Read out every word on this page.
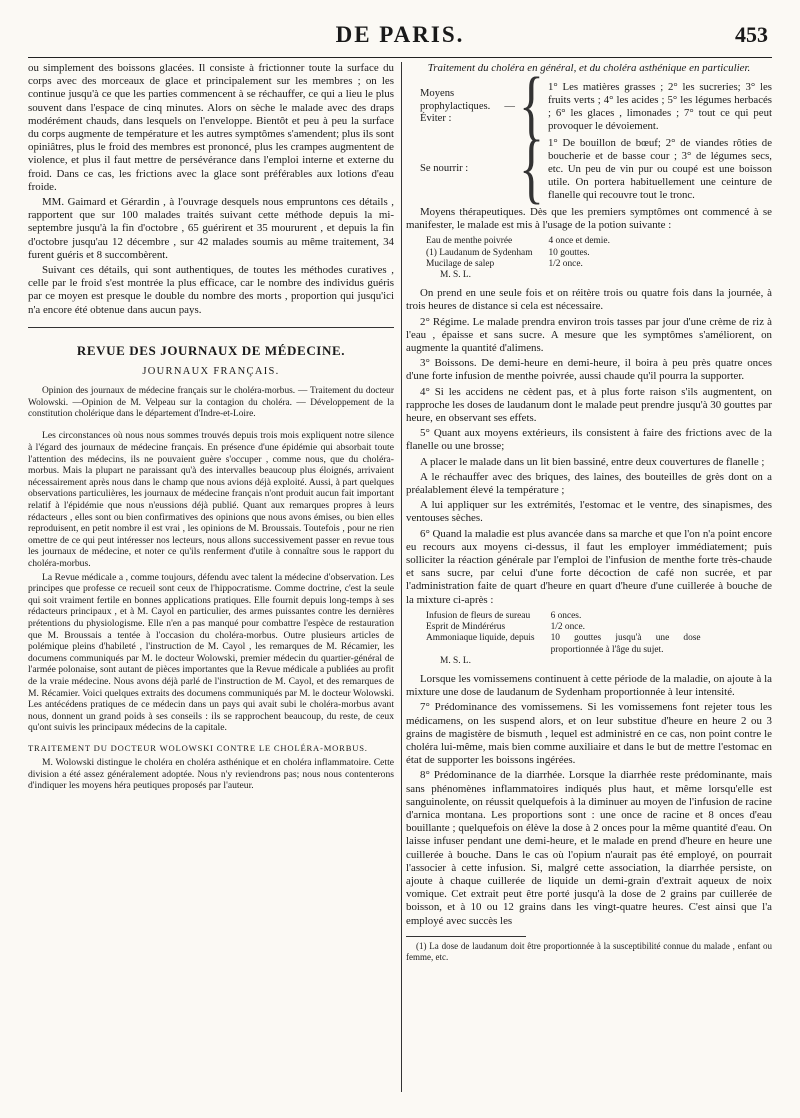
DE PARIS.	453

ou simplement des boissons glacées. Il consiste à frictionner toute la surface du corps avec des morceaux de glace et principalement sur les membres ; on les continue jusqu'à ce que les parties commencent à se réchauffer, ce qui a lieu le plus souvent dans l'espace de cinq minutes. Alors on sèche le malade avec des draps modérément chauds, dans lesquels on l'enveloppe. Bientôt et peu à peu la surface du corps augmente de température et les autres symptômes s'amendent; plus ils sont opiniâtres, plus le froid des membres est prononcé, plus les crampes augmentent de violence, et plus il faut mettre de persévérance dans l'emploi interne et externe du froid. Dans ce cas, les frictions avec la glace sont préférables aux lotions d'eau froide.

MM. Gaimard et Gérardin , à l'ouvrage desquels nous empruntons ces détails , rapportent que sur 100 malades traités suivant cette méthode depuis la mi-septembre jusqu'à la fin d'octobre , 65 guérirent et 35 moururent , et depuis la fin d'octobre jusqu'au 12 décembre , sur 42 malades soumis au même traitement, 34 furent guéris et 8 succombèrent.

Suivant ces détails, qui sont authentiques, de toutes les méthodes curatives , celle par le froid s'est montrée la plus efficace, car le nombre des individus guéris par ce moyen est presque le double du nombre des morts , proportion qui jusqu'ici n'a encore été obtenue dans aucun pays.

REVUE DES JOURNAUX DE MÉDECINE.
JOURNAUX FRANÇAIS.

Opinion des journaux de médecine français sur le choléra-morbus. — Traitement du docteur Wolowski. —Opinion de M. Velpeau sur la contagion du choléra. — Développement de la constitution cholérique dans le département d'Indre-et-Loire.

Les circonstances où nous nous sommes trouvés depuis trois mois expliquent notre silence à l'égard des journaux de médecine français. En présence d'une épidémie qui absorbait toute l'attention des médecins, ils ne pouvaient guère s'occuper , comme nous, que du choléra-morbus. Mais la plupart ne paraissant qu'à des intervalles beaucoup plus éloignés, arrivaient nécessairement après nous dans le champ que nous avions déjà exploité. Aussi, à part quelques observations particulières, les journaux de médecine français n'ont produit aucun fait important relatif à l'épidémie que nous n'eussions déjà publié. Quant aux remarques propres à leurs rédacteurs , elles sont ou bien confirmatives des opinions que nous avons émises, ou bien elles reproduisent, en petit nombre il est vrai , les opinions de M. Broussais. Toutefois , pour ne rien omettre de ce qui peut intéresser nos lecteurs, nous allons successivement passer en revue tous les journaux de médecine, et noter ce qu'ils renferment d'utile à connaître sous le rapport du choléra-morbus.

La Revue médicale a , comme toujours, défendu avec talent la médecine d'observation. Les principes que professe ce recueil sont ceux de l'hippocratisme. Comme doctrine, c'est la seule qui soit vraiment fertile en bonnes applications pratiques. Elle fournit depuis long-temps à ses rédacteurs principaux , et à M. Cayol en particulier, des armes puissantes contre les dernières prétentions du physiologisme. Elle n'en a pas manqué pour combattre l'espèce de restauration que M. Broussais a tentée à l'occasion du choléra-morbus. Outre plusieurs articles de polémique pleins d'habileté , l'instruction de M. Cayol , les remarques de M. Récamier, les documens communiqués par M. le docteur Wolowski, premier médecin du quartier-général de l'armée polonaise, sont autant de pièces importantes que la Revue médicale a publiées au profit de la vraie médecine. Nous avons déjà parlé de l'instruction de M. Cayol, et des remarques de M. Récamier. Voici quelques extraits des documens communiqués par M. le docteur Wolowski. Les antécédens pratiques de ce médecin dans un pays qui avait subi le choléra-morbus avant nous, donnent un grand poids à ses conseils : ils se rapprochent beaucoup, du reste, de ceux qu'ont suivis les principaux médecins de la capitale.

TRAITEMENT DU DOCTEUR WOLOWSKI CONTRE LE CHOLÉRA-MORBUS.

M. Wolowski distingue le choléra en choléra asthénique et en choléra inflammatoire. Cette division a été assez généralement adoptée. Nous n'y reviendrons pas; nous nous contenterons d'indiquer les moyens héra peutiques proposés par l'auteur.

Traitement du choléra en général, et du choléra asthénique en particulier.
Moyens prophylactiques. —Éviter :	{ 1° Les matières grasses ; 2° les sucreries; 3° les fruits verts ; 4° les acides ; 5° les légumes herbacés ; 6° les glaces , limonades ; 7° tout ce qui peut provoquer le dévoiement.
Se nourrir : { 1° De bouillon de bœuf; 2° de viandes rôties de boucherie et de basse cour ; 3° de légumes secs, etc. Un peu de vin pur ou coupé est une boisson utile. On portera habituellement une ceinture de flanelle qui recouvre tout le tronc.

Moyens thérapeutiques. Dès que les premiers symptômes ont commencé à se manifester, le malade est mis à l'usage de la potion suivante :

Eau de menthe poivrée	4 once et demie.
(1) Laudanum de Sydenham	10 gouttes.
Mucilage de salep	1/2 once.
M. S. L.	

On prend en une seule fois et on réitère trois ou quatre fois dans la journée, à trois heures de distance si cela est nécessaire.

2° Régime. Le malade prendra environ trois tasses par jour d'une crème de riz à l'eau , épaisse et sans sucre. A mesure que les symptômes s'améliorent, on augmente la quantité d'alimens.

3° Boissons. De demi-heure en demi-heure, il boira à peu près quatre onces d'une forte infusion de menthe poivrée, aussi chaude qu'il pourra la supporter.

4° Si les accidens ne cèdent pas, et à plus forte raison s'ils augmentent, on rapproche les doses de laudanum dont le malade peut prendre jusqu'à 30 gouttes par heure, en observant ses effets.

5° Quant aux moyens extérieurs, ils consistent à faire des frictions avec de la flanelle ou une brosse;

A placer le malade dans un lit bien bassiné, entre deux couvertures de flanelle ;

A le réchauffer avec des briques, des laines, des bouteilles de grès dont on a préalablement élevé la température ;

A lui appliquer sur les extrémités, l'estomac et le ventre, des sinapismes, des ventouses sèches.

6° Quand la maladie est plus avancée dans sa marche et que l'on n'a point encore eu recours aux moyens ci-dessus, il faut les employer immédiatement; puis solliciter la réaction générale par l'emploi de l'infusion de menthe forte très-chaude et sans sucre, par celui d'une forte décoction de café non sucrée, et par l'administration faite de quart d'heure en quart d'heure d'une cuillerée à bouche de la mixture ci-après :

Infusion de fleurs de sureau	6 onces.
Esprit de Mindérérus	1/2 once.
Ammoniaque liquide, depuis	10 gouttes jusqu'à une dose proportionnée à l'âge du sujet.
M. S. L.	

Lorsque les vomissemens continuent à cette période de la maladie, on ajoute à la mixture une dose de laudanum de Sydenham proportionnée à leur intensité.

7° Prédominance des vomissemens. Si les vomissemens font rejeter tous les médicamens, on les suspend alors, et on leur substitue d'heure en heure 2 ou 3 grains de magistère de bismuth , lequel est administré en ce cas, non point contre le choléra lui-même, mais bien comme auxiliaire et dans le but de mettre l'estomac en état de supporter les boissons ingérées.

8° Prédominance de la diarrhée. Lorsque la diarrhée reste prédominante, mais sans phénomènes inflammatoires indiqués plus haut, et même lorsqu'elle est sanguinolente, on réussit quelquefois à la diminuer au moyen de l'infusion de racine d'arnica montana. Les proportions sont : une once de racine et 8 onces d'eau bouillante ; quelquefois on élève la dose à 2 onces pour la même quantité d'eau. On laisse infuser pendant une demi-heure, et le malade en prend d'heure en heure une cuillerée à bouche. Dans le cas où l'opium n'aurait pas été employé, on pourrait l'associer à cette infusion. Si, malgré cette association, la diarrhée persiste, on ajoute à chaque cuillerée de liquide un demi-grain d'extrait aqueux de noix vomique. Cet extrait peut être porté jusqu'à la dose de 2 grains par cuillerée de boisson, et à 10 ou 12 grains dans les vingt-quatre heures. C'est ainsi que l'a employé avec succès les

(1) La dose de laudanum doit être proportionnée à la susceptibilité connue du malade , enfant ou femme, etc.
